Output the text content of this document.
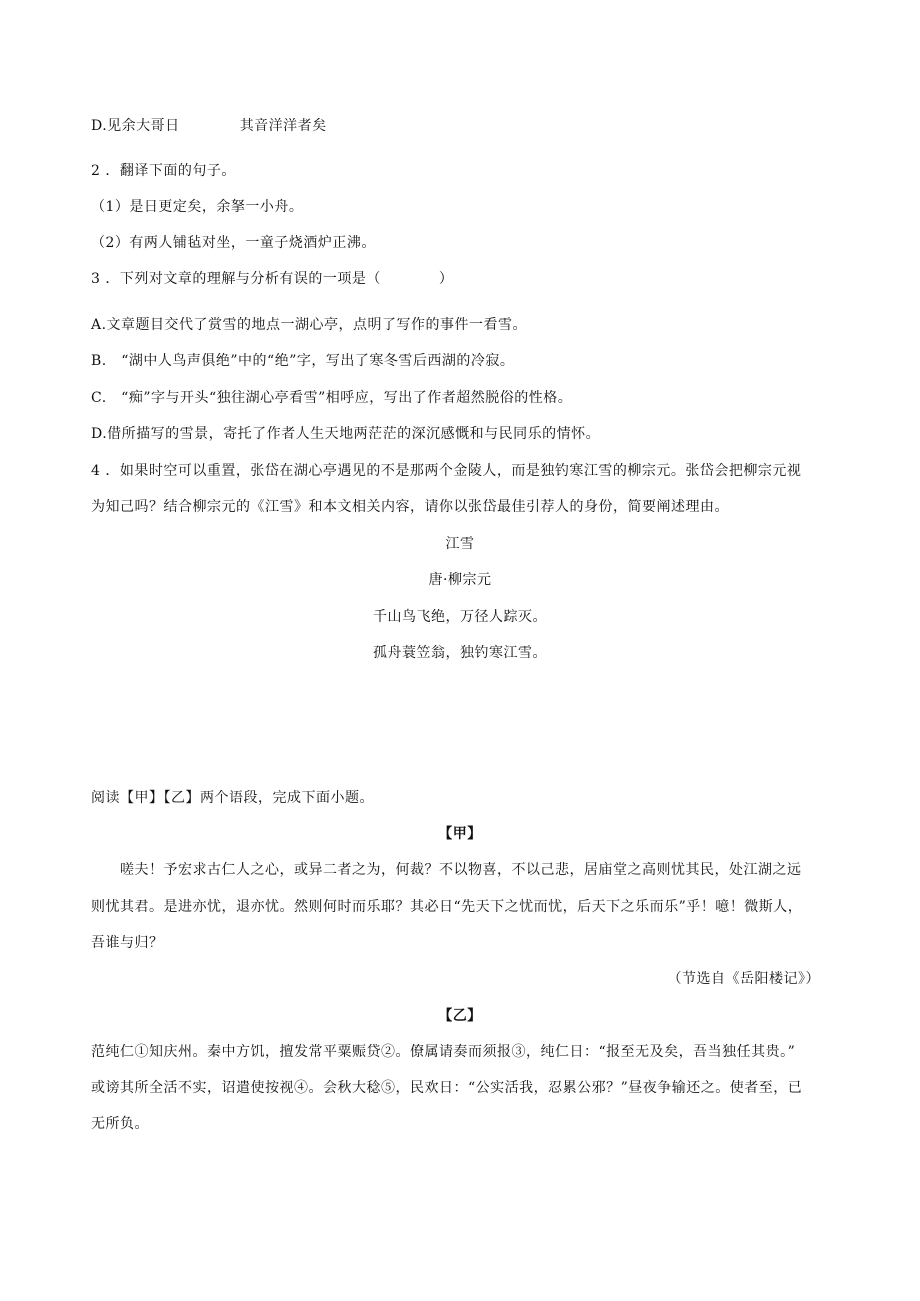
D.见余大哥日	其音洋洋者矣
2 ．翻译下面的句子。
（1）是日更定矣，余拏一小舟。
（2）有两人铺毡对坐，一童子烧酒炉正沸。
3 ．下列对文章的理解与分析有误的一项是（　　　　）
A.文章题目交代了赏雪的地点一湖心亭，点明了写作的事件一看雪。
B.　“湖中人鸟声俱绝”中的“绝”字，写出了寒冬雪后西湖的冷寂。
C.　“痴”字与开头“独往湖心亭看雪”相呼应，写出了作者超然脱俗的性格。
D.借所描写的雪景，寄托了作者人生天地两茫茫的深沉感慨和与民同乐的情怀。
4 ．如果时空可以重置，张岱在湖心亭遇见的不是那两个金陵人，而是独钓寒江雪的柳宗元。张岱会把柳宗元视
为知己吗？结合柳宗元的《江雪》和本文相关内容，请你以张岱最佳引荐人的身份，简要阐述理由。
江雪
唐·柳宗元
千山鸟飞绝，万径人踪灭。
孤舟蓑笠翁，独钓寒江雪。
阅读【甲】【乙】两个语段，完成下面小题。
【甲】
嗟夫！予宏求古仁人之心，或异二者之为，何裁？不以物喜，不以己悲，居庙堂之高则忧其民，处江湖之远
则忧其君。是进亦忧，退亦忧。然则何时而乐耶？其必日“先天下之忧而忧，后天下之乐而乐”乎！噫！微斯人，
吾谁与归？
（节选自《岳阳楼记》）
【乙】
范纯仁①知庆州。秦中方饥，擅发常平粟赈贷②。僚属请奏而须报③，纯仁日：“报至无及矣，吾当独任其贵。”
或谤其所全活不实，诏遣使按视④。会秋大稔⑤，民欢日：“公实活我，忍累公邪？”昼夜争输还之。使者至，已
无所负。
